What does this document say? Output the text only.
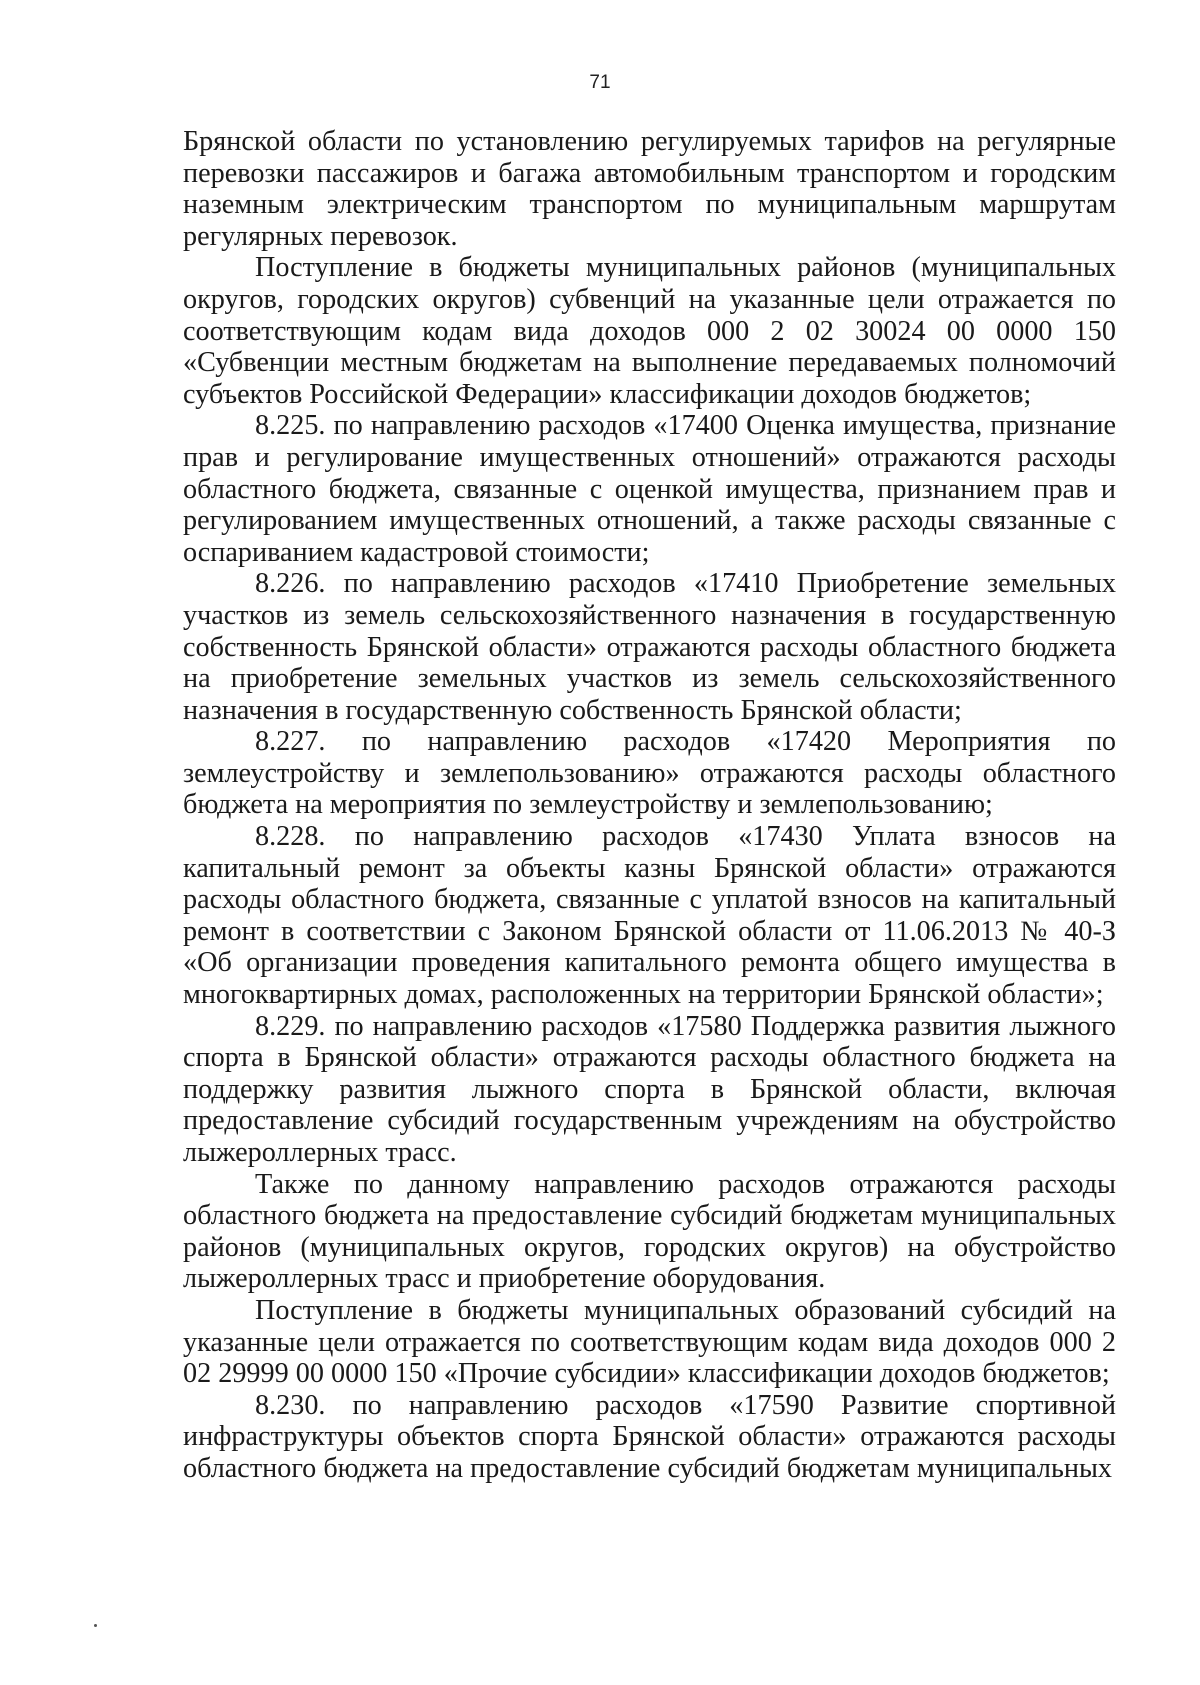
71

Брянской области по установлению регулируемых тарифов на регулярные перевозки пассажиров и багажа автомобильным транспортом и городским наземным электрическим транспортом по муниципальным маршрутам регулярных перевозок.

Поступление в бюджеты муниципальных районов (муниципальных округов, городских округов) субвенций на указанные цели отражается по соответствующим кодам вида доходов 000 2 02 30024 00 0000 150 «Субвенции местным бюджетам на выполнение передаваемых полномочий субъектов Российской Федерации» классификации доходов бюджетов;

8.225. по направлению расходов «17400 Оценка имущества, признание прав и регулирование имущественных отношений» отражаются расходы областного бюджета, связанные с оценкой имущества, признанием прав и регулированием имущественных отношений, а также расходы связанные с оспариванием кадастровой стоимости;

8.226. по направлению расходов «17410 Приобретение земельных участков из земель сельскохозяйственного назначения в государственную собственность Брянской области» отражаются расходы областного бюджета на приобретение земельных участков из земель сельскохозяйственного назначения в государственную собственность Брянской области;

8.227. по направлению расходов «17420 Мероприятия по землеустройству и землепользованию» отражаются расходы областного бюджета на мероприятия по землеустройству и землепользованию;

8.228. по направлению расходов «17430 Уплата взносов на капитальный ремонт за объекты казны Брянской области» отражаются расходы областного бюджета, связанные с уплатой взносов на капитальный ремонт в соответствии с Законом Брянской области от 11.06.2013 № 40-З «Об организации проведения капитального ремонта общего имущества в многоквартирных домах, расположенных на территории Брянской области»;

8.229. по направлению расходов «17580 Поддержка развития лыжного спорта в Брянской области» отражаются расходы областного бюджета на поддержку развития лыжного спорта в Брянской области, включая предоставление субсидий государственным учреждениям на обустройство лыжероллерных трасс.

Также по данному направлению расходов отражаются расходы областного бюджета на предоставление субсидий бюджетам муниципальных районов (муниципальных округов, городских округов) на обустройство лыжероллерных трасс и приобретение оборудования.

Поступление в бюджеты муниципальных образований субсидий на указанные цели отражается по соответствующим кодам вида доходов 000 2 02 29999 00 0000 150 «Прочие субсидии» классификации доходов бюджетов;

8.230. по направлению расходов «17590 Развитие спортивной инфраструктуры объектов спорта Брянской области» отражаются расходы областного бюджета на предоставление субсидий бюджетам муниципальных
